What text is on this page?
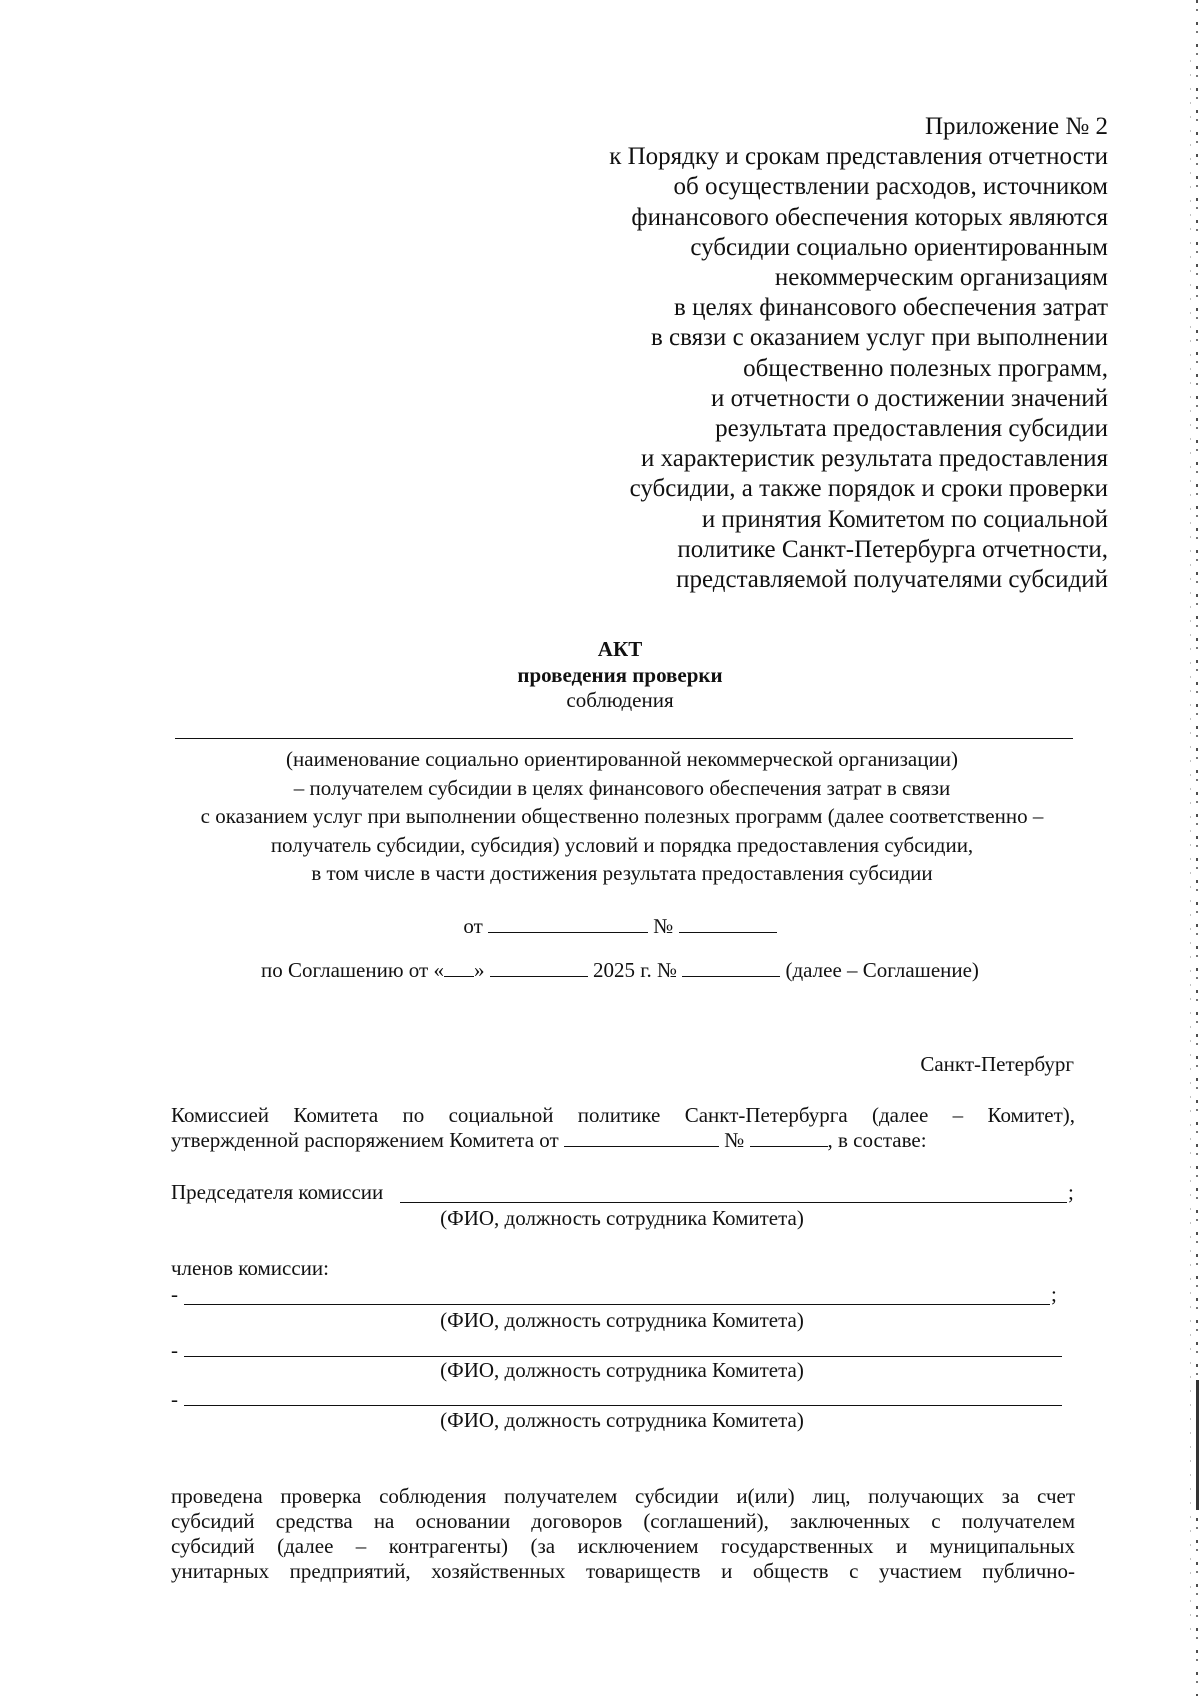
Приложение № 2
к Порядку и срокам представления отчетности
об осуществлении расходов, источником
финансового обеспечения которых являются
субсидии социально ориентированным
некоммерческим организациям
в целях финансового обеспечения затрат
в связи с оказанием услуг при выполнении
общественно полезных программ,
и отчетности о достижении значений
результата предоставления субсидии
и характеристик результата предоставления
субсидии, а также порядок и сроки проверки
и принятия Комитетом по социальной
политике Санкт-Петербурга отчетности,
представляемой получателями субсидий
АКТ
проведения проверки
соблюдения
(наименование социально ориентированной некоммерческой организации)
– получателем субсидии в целях финансового обеспечения затрат в связи
с оказанием услуг при выполнении общественно полезных программ (далее соответственно –
получатель субсидии, субсидия) условий и порядка предоставления субсидии,
в том числе в части достижения результата предоставления субсидии
от	№
по Соглашению от « »	2025 г. №	(далее – Соглашение)
Санкт-Петербург
Комиссией Комитета по социальной политике Санкт-Петербурга (далее – Комитет),
утвержденной распоряжением Комитета от	№	, в составе:
Председателя комиссии	;
(ФИО, должность сотрудника Комитета)
членов комиссии:
-	;
(ФИО, должность сотрудника Комитета)
-
(ФИО, должность сотрудника Комитета)
-
(ФИО, должность сотрудника Комитета)
проведена проверка соблюдения получателем субсидии и(или) лиц, получающих за счет
субсидий средства на основании договоров (соглашений), заключенных с получателем
субсидий (далее – контрагенты) (за исключением государственных и муниципальных
унитарных предприятий, хозяйственных товариществ и обществ с участием публично-
